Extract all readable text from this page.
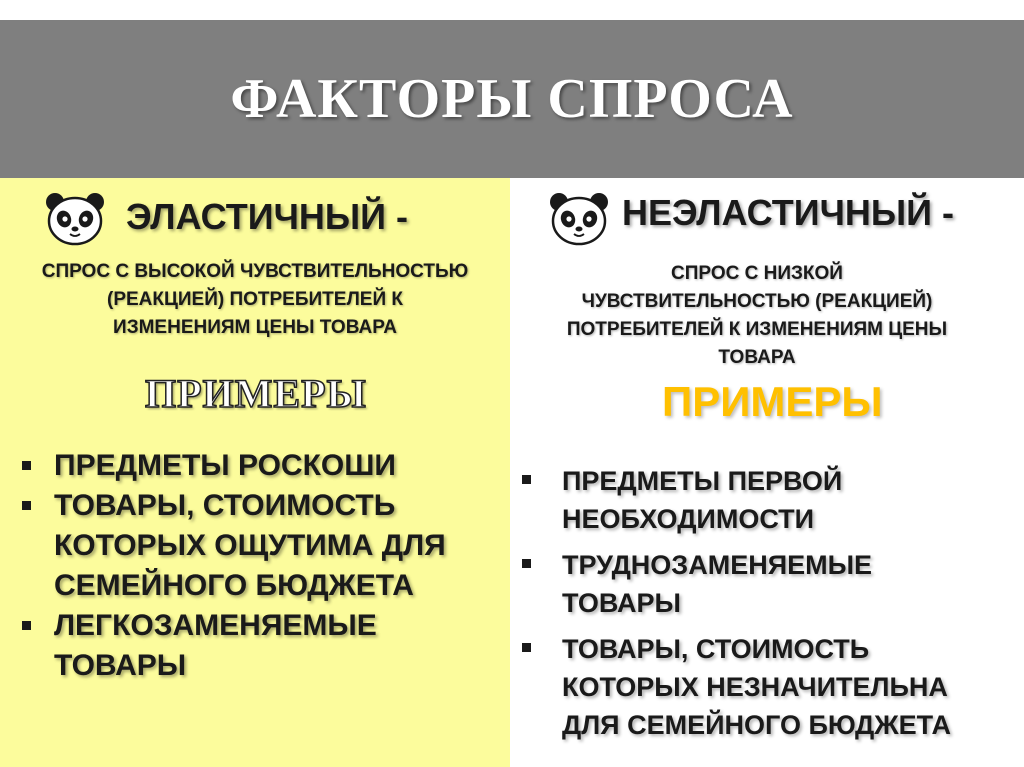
ФАКТОРЫ СПРОСА
ЭЛАСТИЧНЫЙ -
СПРОС С ВЫСОКОЙ ЧУВСТВИТЕЛЬНОСТЬЮ
(РЕАКЦИЕЙ) ПОТРЕБИТЕЛЕЙ К
ИЗМЕНЕНИЯМ ЦЕНЫ ТОВАРА
ПРИМЕРЫ
ПРЕДМЕТЫ РОСКОШИ
ТОВАРЫ, СТОИМОСТЬ
КОТОРЫХ ОЩУТИМА ДЛЯ
СЕМЕЙНОГО БЮДЖЕТА
ЛЕГКОЗАМЕНЯЕМЫЕ
ТОВАРЫ
НЕЭЛАСТИЧНЫЙ -
СПРОС С НИЗКОЙ
ЧУВСТВИТЕЛЬНОСТЬЮ (РЕАКЦИЕЙ)
ПОТРЕБИТЕЛЕЙ К ИЗМЕНЕНИЯМ ЦЕНЫ
ТОВАРА
ПРИМЕРЫ
ПРЕДМЕТЫ ПЕРВОЙ
НЕОБХОДИМОСТИ
ТРУДНОЗАМЕНЯЕМЫЕ
ТОВАРЫ
ТОВАРЫ, СТОИМОСТЬ
КОТОРЫХ НЕЗНАЧИТЕЛЬНА
ДЛЯ СЕМЕЙНОГО БЮДЖЕТА
